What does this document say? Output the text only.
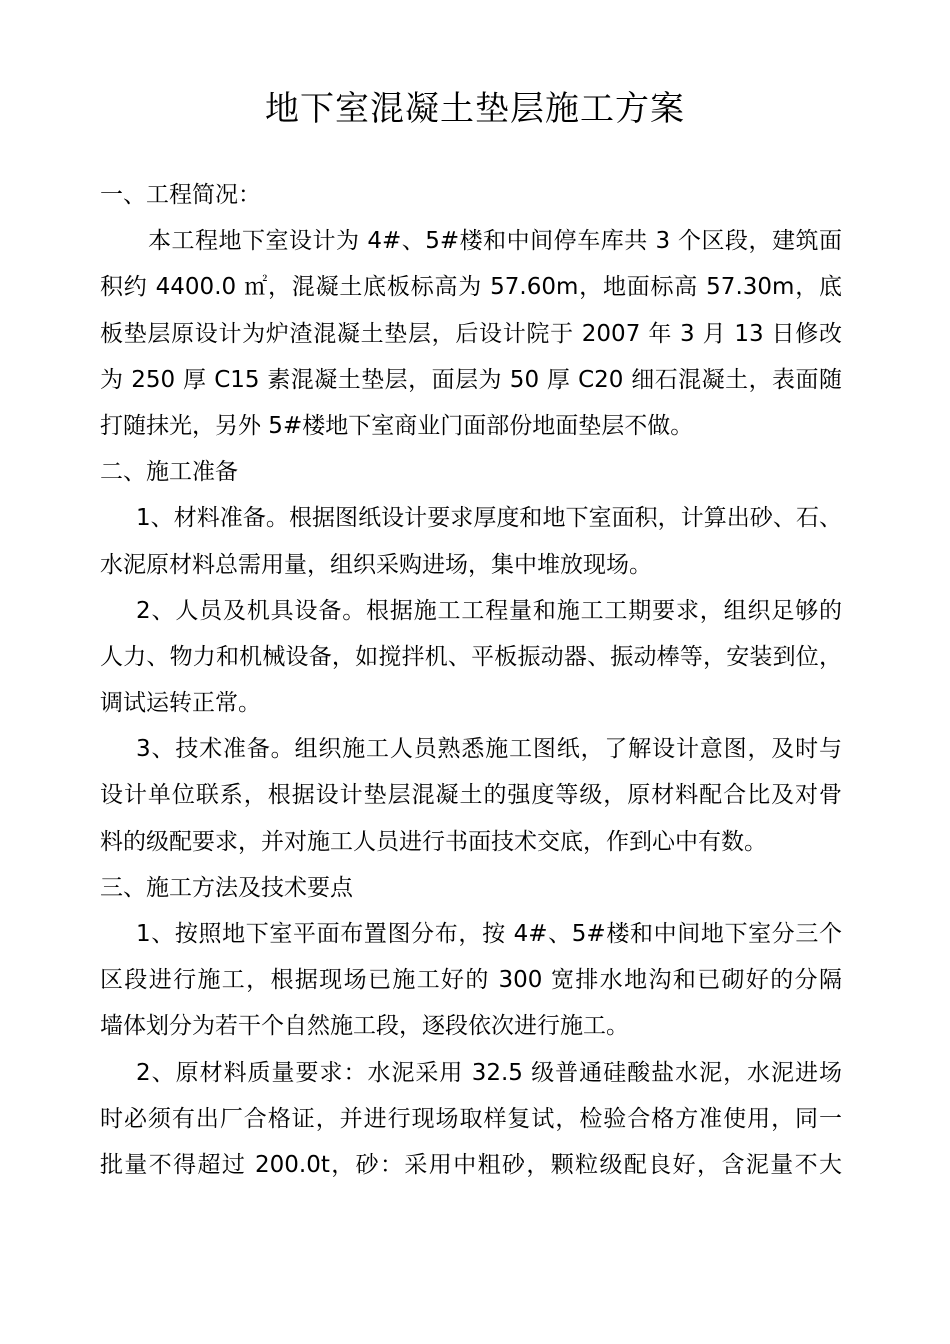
地下室混凝土垫层施工方案
一、工程简况：
本工程地下室设计为 4#、5#楼和中间停车库共 3 个区段，建筑面
积约 4400.0 ㎡，混凝土底板标高为 57.60m，地面标高 57.30m，底
板垫层原设计为炉渣混凝土垫层，后设计院于 2007 年 3 月 13 日修改
为 250 厚 C15 素混凝土垫层，面层为 50 厚 C20 细石混凝土，表面随
打随抹光，另外 5#楼地下室商业门面部份地面垫层不做。
二、施工准备
1、材料准备。根据图纸设计要求厚度和地下室面积，计算出砂、石、
水泥原材料总需用量，组织采购进场，集中堆放现场。
2、人员及机具设备。根据施工工程量和施工工期要求，组织足够的
人力、物力和机械设备，如搅拌机、平板振动器、振动棒等，安装到位，
调试运转正常。
3、技术准备。组织施工人员熟悉施工图纸，了解设计意图，及时与
设计单位联系，根据设计垫层混凝土的强度等级，原材料配合比及对骨
料的级配要求，并对施工人员进行书面技术交底，作到心中有数。
三、施工方法及技术要点
1、按照地下室平面布置图分布，按 4#、5#楼和中间地下室分三个
区段进行施工，根据现场已施工好的 300 宽排水地沟和已砌好的分隔
墙体划分为若干个自然施工段，逐段依次进行施工。
2、原材料质量要求：水泥采用 32.5 级普通硅酸盐水泥，水泥进场
时必须有出厂合格证，并进行现场取样复试，检验合格方准使用，同一
批量不得超过 200.0t，砂：采用中粗砂，颗粒级配良好，含泥量不大
